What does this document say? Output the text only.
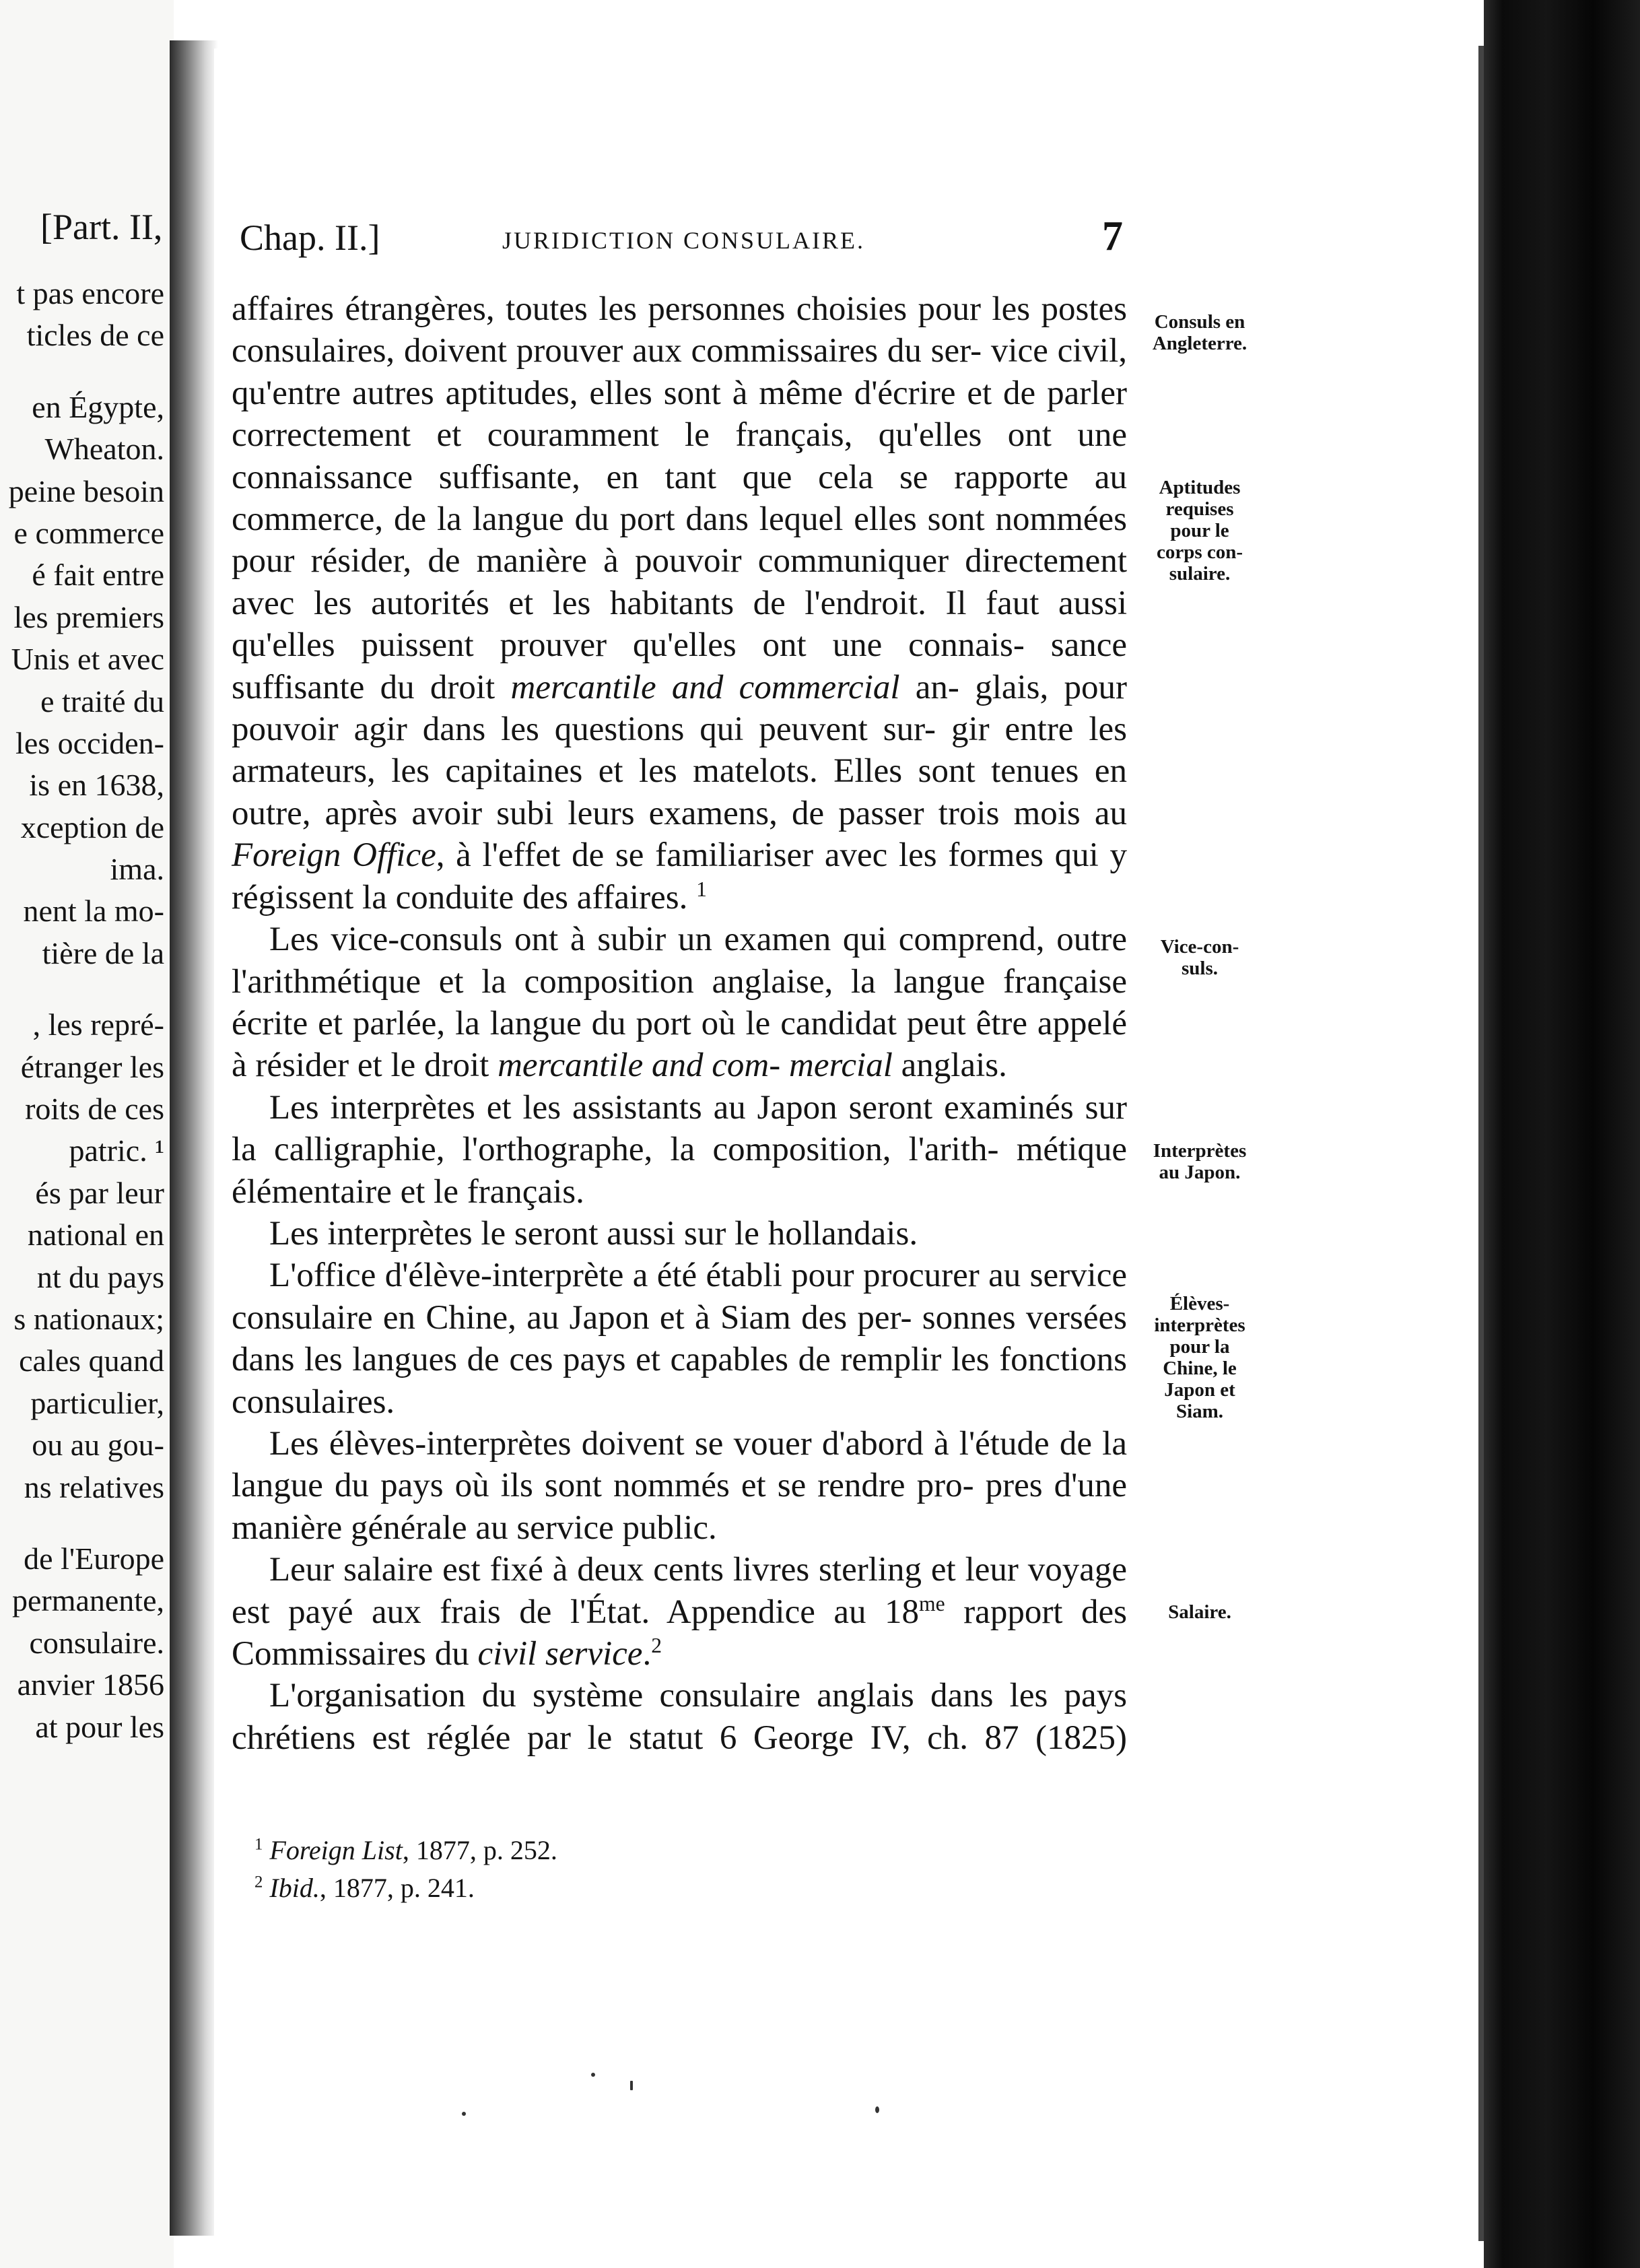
[Part. II,
t pas encore
ticles de ce
en Égypte,
Wheaton.
peine besoin
e commerce
é fait entre
les premiers
Unis et avec
e traité du
les occiden-
is en 1638,
xception de
ima.
nent la mo-
tière de la
, les repré-
étranger les
roits de ces
patric. ¹
és par leur
national en
nt du pays
s nationaux;
cales quand
particulier,
ou au gou-
ns relatives
de l'Europe
permanente,
consulaire.
anvier 1856
at pour les
Chap. II.]	JURIDICTION CONSULAIRE.	7
Consuls en
Angleterre.
Aptitudes
requises
pour le
corps con-
sulaire.
Vice-con-
suls.
Interprètes
au Japon.
Élèves-
interprètes
pour la
Chine, le
Japon et
Siam.
Salaire.

affaires étrangères, toutes les personnes choisies pour les postes consulaires, doivent prouver aux commissaires du ser- vice civil, qu'entre autres aptitudes, elles sont à même d'écrire et de parler correctement et couramment le français, qu'elles ont une connaissance suffisante, en tant que cela se rapporte au commerce, de la langue du port dans lequel elles sont nommées pour résider, de manière à pouvoir communiquer directement avec les autorités et les habitants de l'endroit. Il faut aussi qu'elles puissent prouver qu'elles ont une connais- sance suffisante du droit mercantile and commercial an- glais, pour pouvoir agir dans les questions qui peuvent sur- gir entre les armateurs, les capitaines et les matelots. Elles sont tenues en outre, après avoir subi leurs examens, de passer trois mois au Foreign Office, à l'effet de se familiariser avec les formes qui y régissent la conduite des affaires. $^1$

Les vice-consuls ont à subir un examen qui comprend, outre l'arithmétique et la composition anglaise, la langue française écrite et parlée, la langue du port où le candidat peut être appelé à résider et le droit mercantile and com- mercial anglais.

Les interprètes et les assistants au Japon seront examinés sur la calligraphie, l'orthographe, la composition, l'arith- métique élémentaire et le français.

Les interprètes le seront aussi sur le hollandais.

L'office d'élève-interprète a été établi pour procurer au service consulaire en Chine, au Japon et à Siam des per- sonnes versées dans les langues de ces pays et capables de remplir les fonctions consulaires.

Les élèves-interprètes doivent se vouer d'abord à l'étude de la langue du pays où ils sont nommés et se rendre pro- pres d'une manière générale au service public.

Leur salaire est fixé à deux cents livres sterling et leur voyage est payé aux frais de l'État. Appendice au $18^{me}$ rapport des Commissaires du civil service.$^2$

L'organisation du système consulaire anglais dans les pays chrétiens est réglée par le statut 6 George IV, ch. 87 (1825)

$^1$ Foreign List, 1877, p. 252.
$^2$ Ibid., 1877, p. 241.
